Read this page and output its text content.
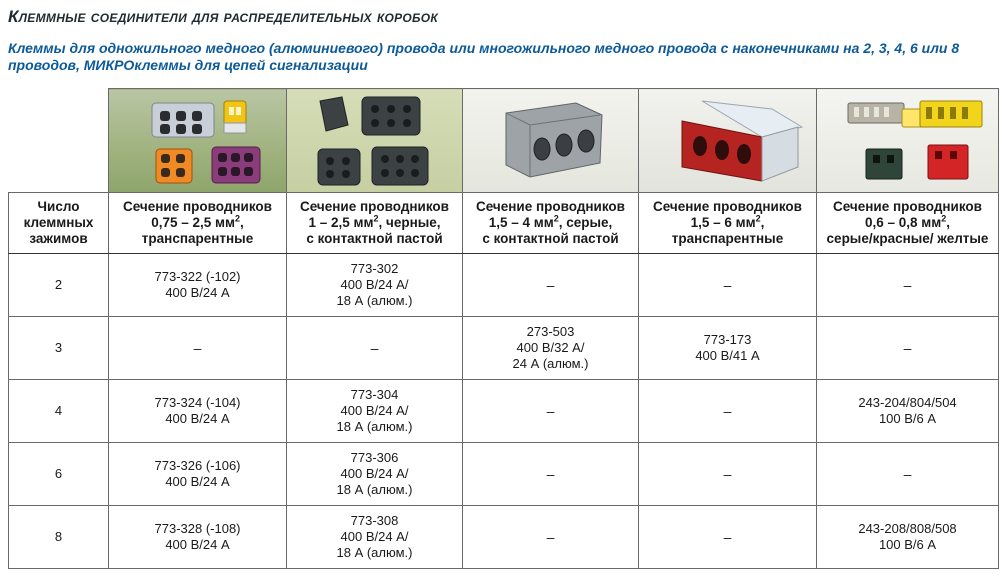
Клеммные соединители для распределительных коробок
Клеммы для одножильного медного (алюминиевого) провода или многожильного медного провода с наконечниками на 2, 3, 4, 6 или 8 проводов, МИКРОклеммы для цепей сигнализации

Число
клеммных
зажимов	Сечение проводников
0,75 – 2,5 $мм^2$,
транспарентные	Сечение проводников
1 – 2,5 $мм^2$, черные,
с контактной пастой	Сечение проводников
1,5 – 4 $мм^2$, серые,
с контактной пастой	Сечение проводников
1,5 – 6 $мм^2$,
транспарентные	Сечение проводников
0,6 – 0,8 $мм^2$,
серые/красные/ желтые
2	773-322 (-102)
400 В/24 А	773-302
400 В/24 А/
18 А (алюм.)	–	–	–

3	–	–	273-503
400 В/32 А/
24 А (алюм.)	773-173
400 В/41 А	–

4	773-324 (-104)
400 В/24 А	773-304
400 В/24 А/
18 А (алюм.)	–	–	243-204/804/504
100 В/6 А

6	773-326 (-106)
400 В/24 А	773-306
400 В/24 А/
18 А (алюм.)	–	–	–

8	773-328 (-108)
400 В/24 А	773-308
400 В/24 А/
18 А (алюм.)	–	–	243-208/808/508
100 В/6 А
